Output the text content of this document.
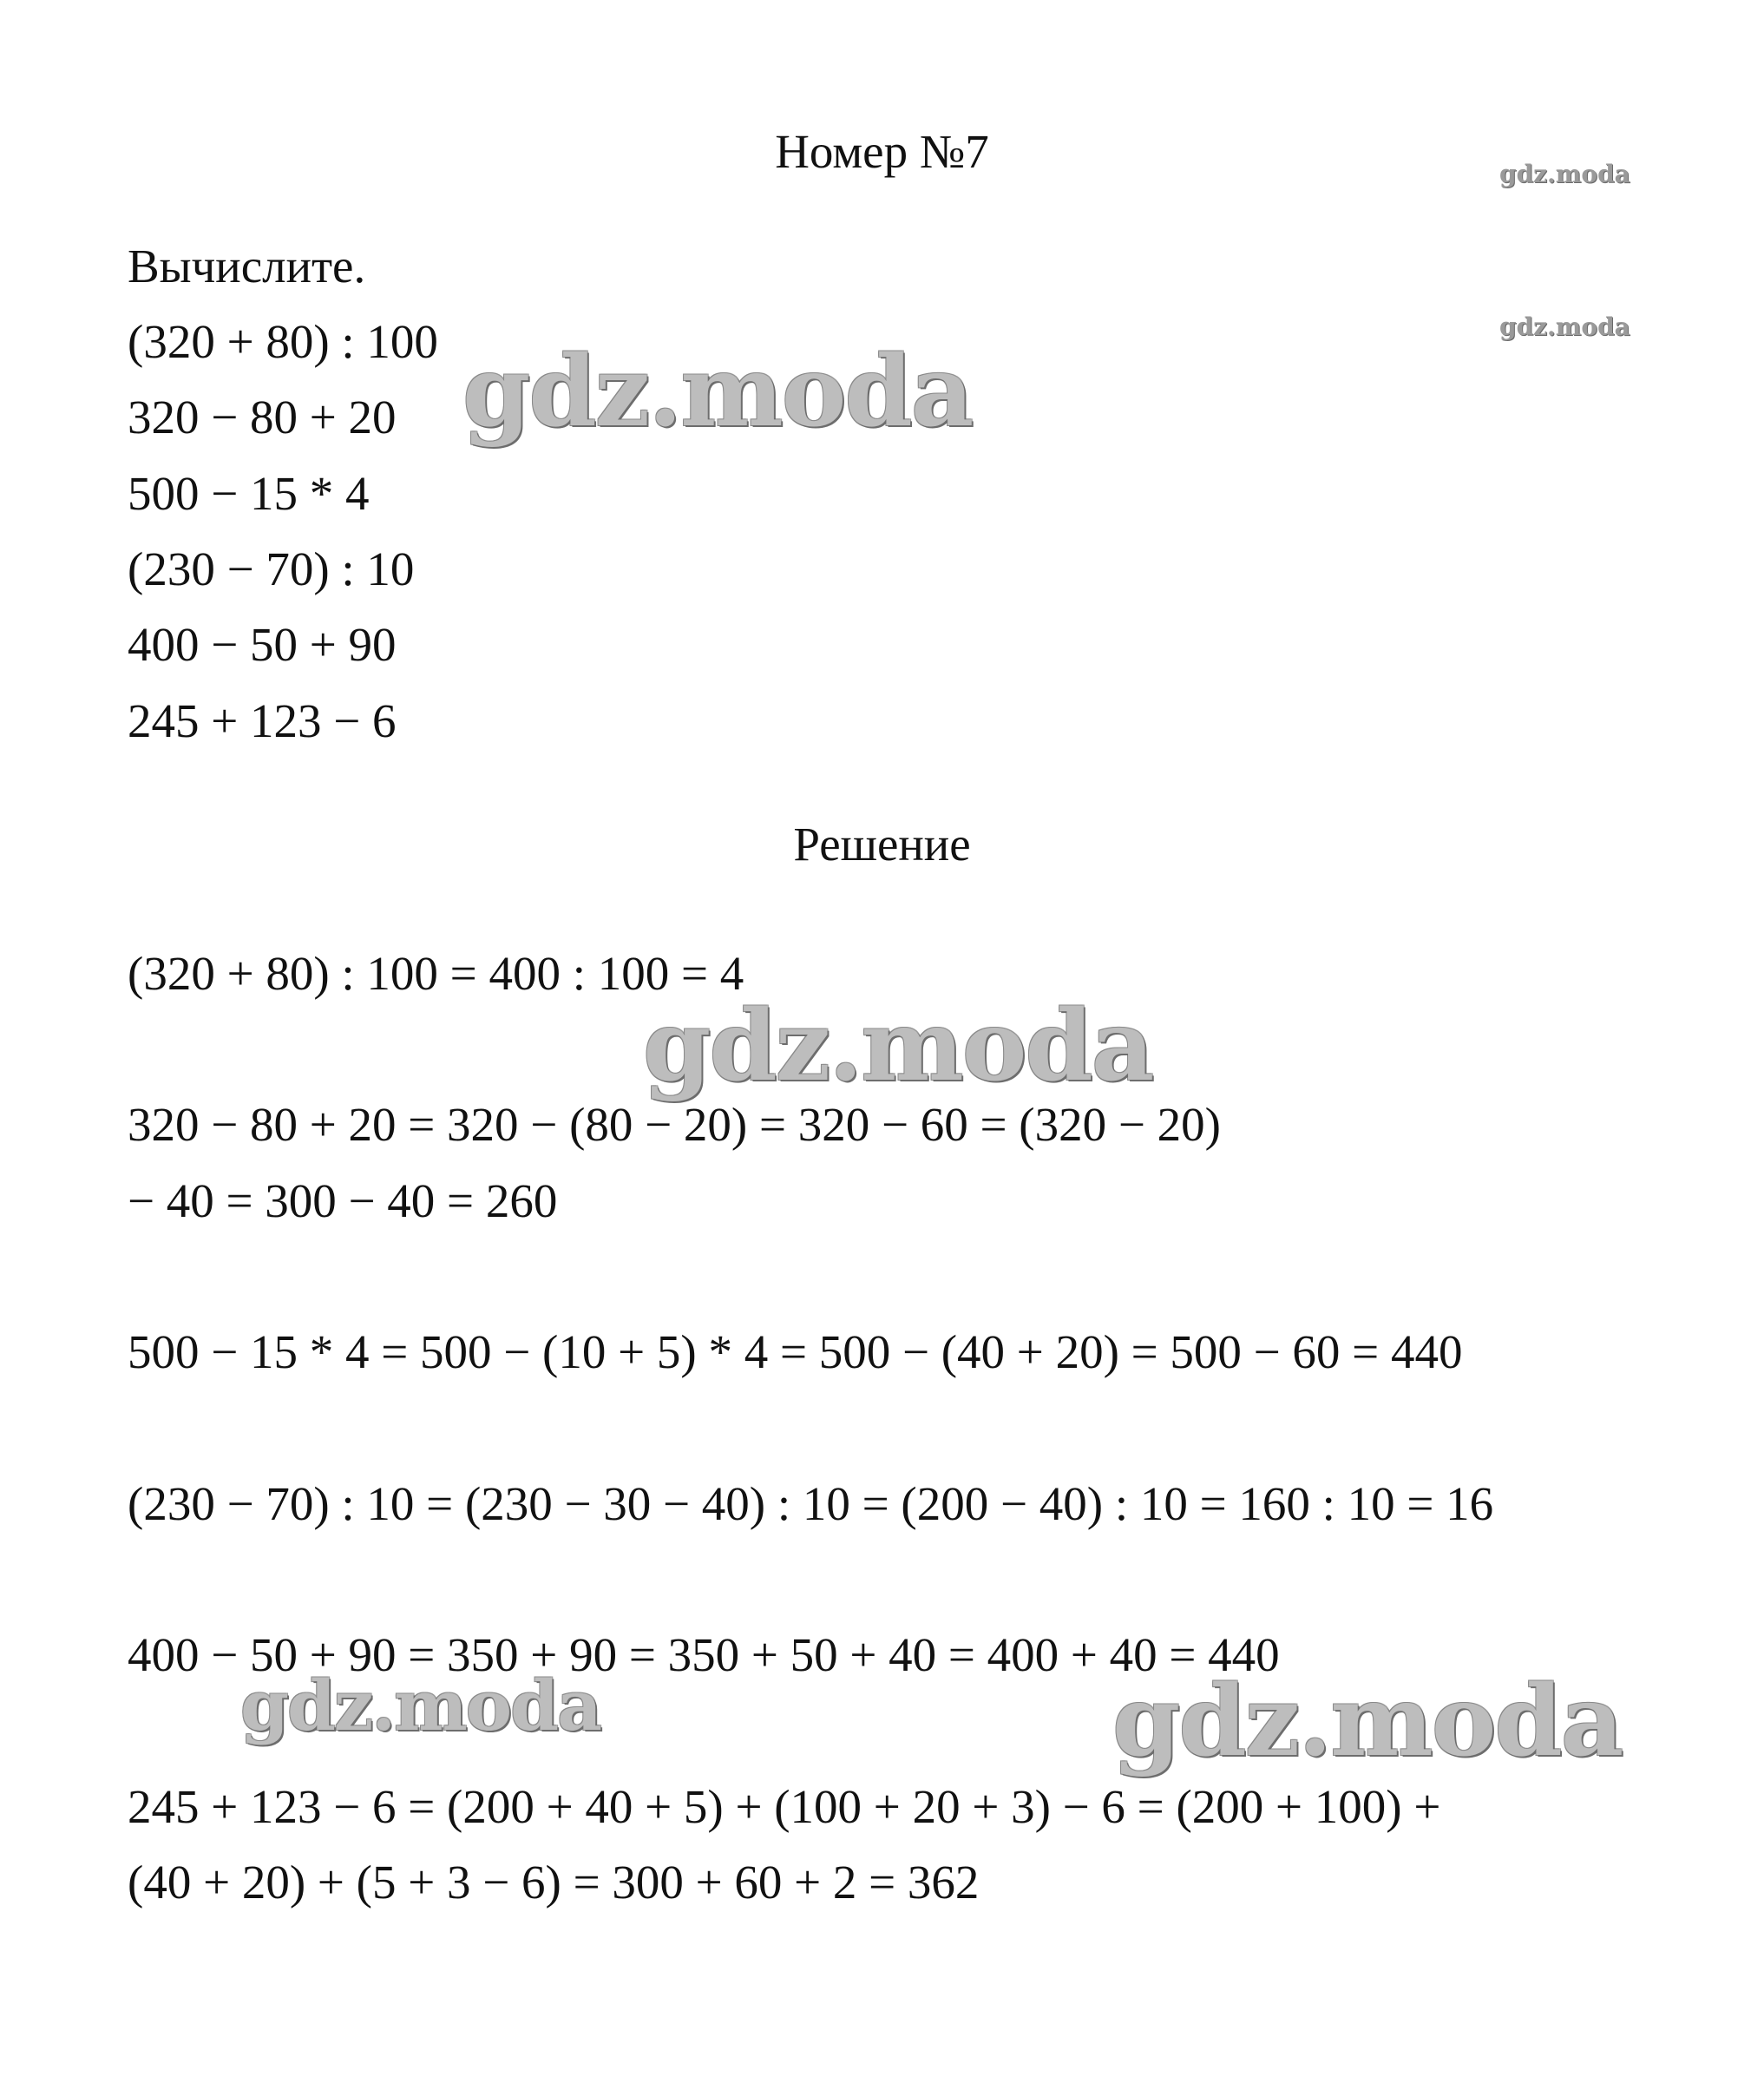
Номер №7
Вычислите.
(320 + 80) : 100
320 − 80 + 20
500 − 15 * 4
(230 − 70) : 10
400 − 50 + 90
245 + 123 − 6
Решение
(320 + 80) : 100 = 400 : 100 = 4
320 − 80 + 20 = 320 − (80 − 20) = 320 − 60 = (320 − 20)
− 40 = 300 − 40 = 260
500 − 15 * 4 = 500 − (10 + 5) * 4 = 500 − (40 + 20) = 500 − 60 = 440
(230 − 70) : 10 = (230 − 30 − 40) : 10 = (200 − 40) : 10 = 160 : 10 = 16
400 − 50 + 90 = 350 + 90 = 350 + 50 + 40 = 400 + 40 = 440
245 + 123 − 6 = (200 + 40 + 5) + (100 + 20 + 3) − 6 = (200 + 100) +
(40 + 20) + (5 + 3 − 6) = 300 + 60 + 2 = 362
gdz.moda
gdz.moda
gdz.moda
gdz.moda
gdz.moda	gdz.moda
